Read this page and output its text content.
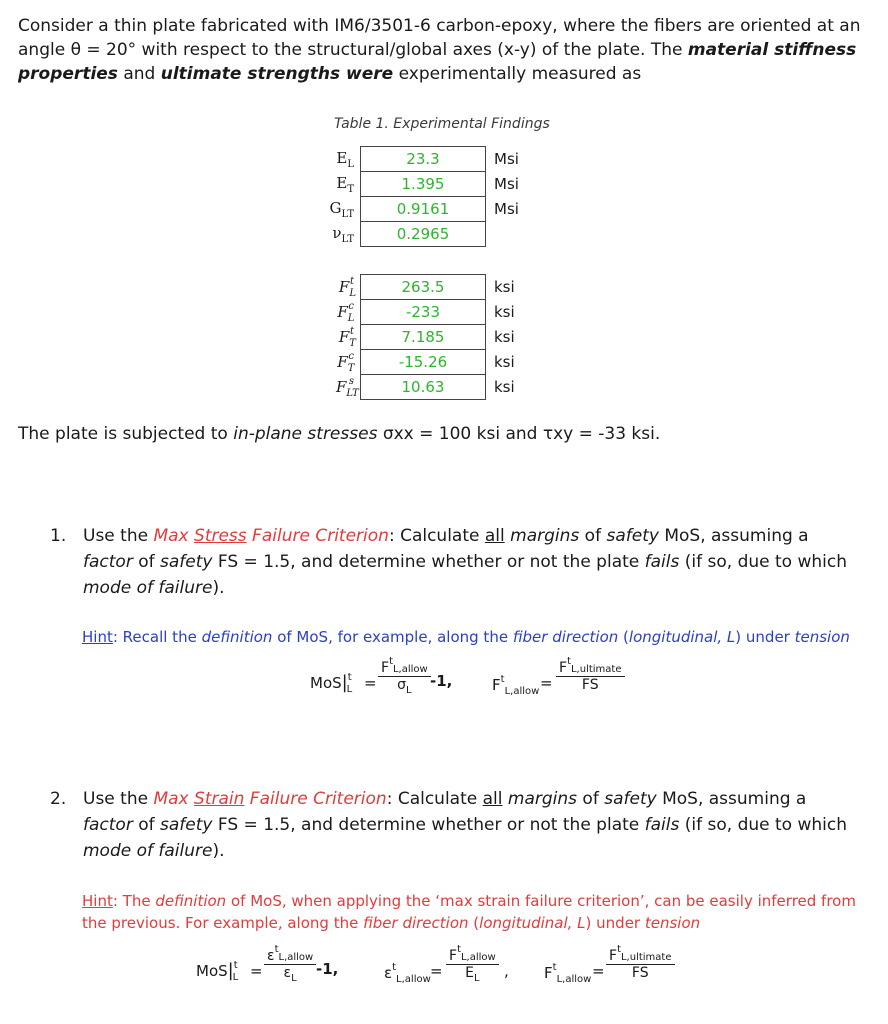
Consider a thin plate fabricated with IM6/3501-6 carbon-epoxy, where the fibers are oriented at an angle θ = 20° with respect to the structural/global axes (x-y) of the plate. The material stiffness properties and ultimate strengths were experimentally measured as
Table 1. Experimental Findings
$E_L$	23.3	Msi
$E_T$	1.395	Msi
$G_{LT}$	0.9161	Msi
$\nu_{LT}$	0.2965	
$F_L^t$	263.5	ksi
$F_L^c$	-233	ksi
$F_T^t$	7.185	ksi
$F_T^c$	-15.26	ksi
$F_{LT}^s$	10.63	ksi
The plate is subjected to in-plane stresses σxx = 100 ksi and τxy = -33 ksi.
1. Use the Max Stress Failure Criterion: Calculate all margins of safety MoS, assuming a factor of safety FS = 1.5, and determine whether or not the plate fails (if so, due to which mode of failure).
Hint: Recall the definition of MoS, for example, along the fiber direction (longitudinal, L) under tension
$MoS|^t_L$ =
$F^tL,allow$
$\sigma_L$
-1,	$F^t_{L,allow}$ =
$F^tL,ultimate$
FS
2. Use the Max Strain Failure Criterion: Calculate all margins of safety MoS, assuming a factor of safety FS = 1.5, and determine whether or not the plate fails (if so, due to which mode of failure).
Hint: The definition of MoS, when applying the ‘max strain failure criterion’, can be easily inferred from the previous. For example, along the fiber direction (longitudinal, L) under tension
$MoS|^t_L$ =
$\varepsilon^tL,allow$
$\varepsilon_L$
-1,	$\varepsilon^t_{L,allow}$ =
$F^tL,allow$
$E_L$	, $F^t_{L,allow}$ =
$F^tL,ultimate$
FS
